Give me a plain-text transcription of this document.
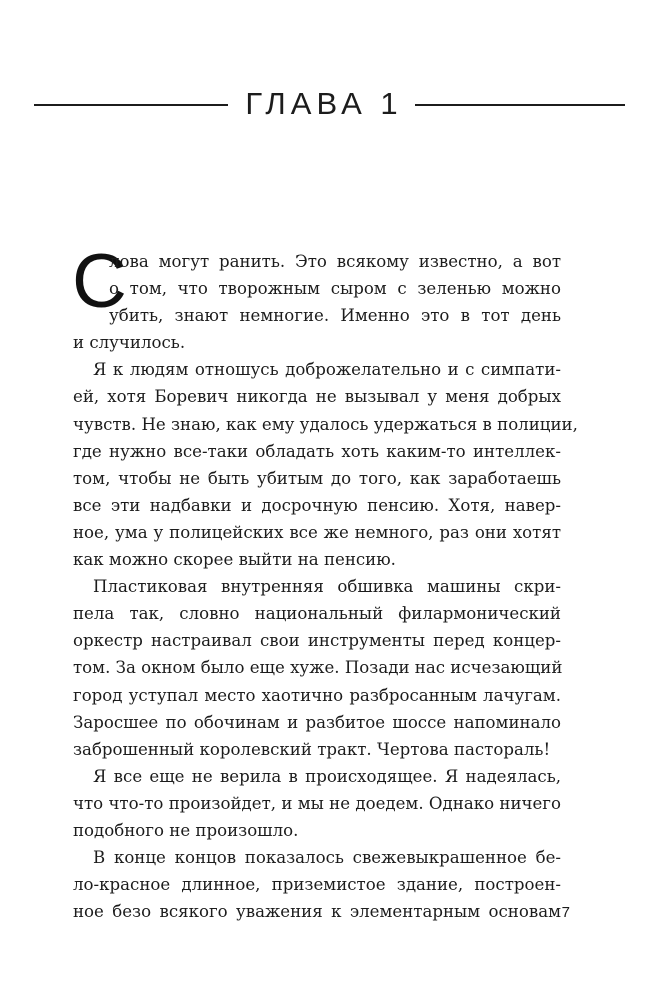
ГЛАВА 1
С
лова могут ранить. Это всякому известно, а вот
о том, что творожным сыром с зеленью можно
убить, знают немногие. Именно это в тот день
и случилось.
Я к людям отношусь доброжелательно и с симпати-
ей, хотя Боревич никогда не вызывал у меня добрых
чувств. Не знаю, как ему удалось удержаться в полиции,
где нужно все-таки обладать хоть каким-то интеллек-
том, чтобы не быть убитым до того, как заработаешь
все эти надбавки и досрочную пенсию. Хотя, навер-
ное, ума у полицейских все же немного, раз они хотят
как можно скорее выйти на пенсию.
Пластиковая внутренняя обшивка машины скри-
пела так, словно национальный филармонический
оркестр настраивал свои инструменты перед концер-
том. За окном было еще хуже. Позади нас исчезающий
город уступал место хаотично разбросанным лачугам.
Заросшее по обочинам и разбитое шоссе напоминало
заброшенный королевский тракт. Чертова пастораль!
Я все еще не верила в происходящее. Я надеялась,
что что-то произойдет, и мы не доедем. Однако ничего
подобного не произошло.
В конце концов показалось свежевыкрашенное бе-
ло-красное длинное, приземистое здание, построен-
ное безо всякого уважения к элементарным основам 7
